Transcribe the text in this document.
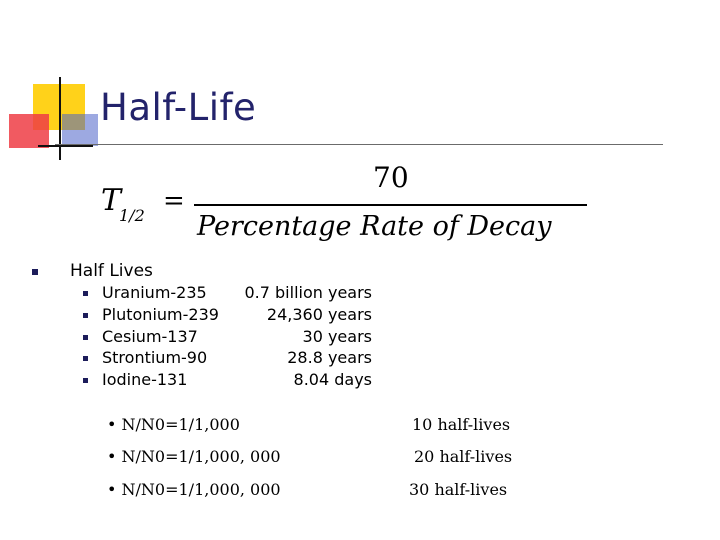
Half-Life
T
1/2 =
70
Percentage Rate of Decay
Half Lives
Uranium-235	0.7 billion years
Plutonium-239	24,360 years
Cesium-137	30 years
Strontium-90	28.8 years
Iodine-131	8.04 days
• N/N0=1/1,000	10 half-lives
• N/N0=1/1,000, 000	20 half-lives
• N/N0=1/1,000, 000	30 half-lives
